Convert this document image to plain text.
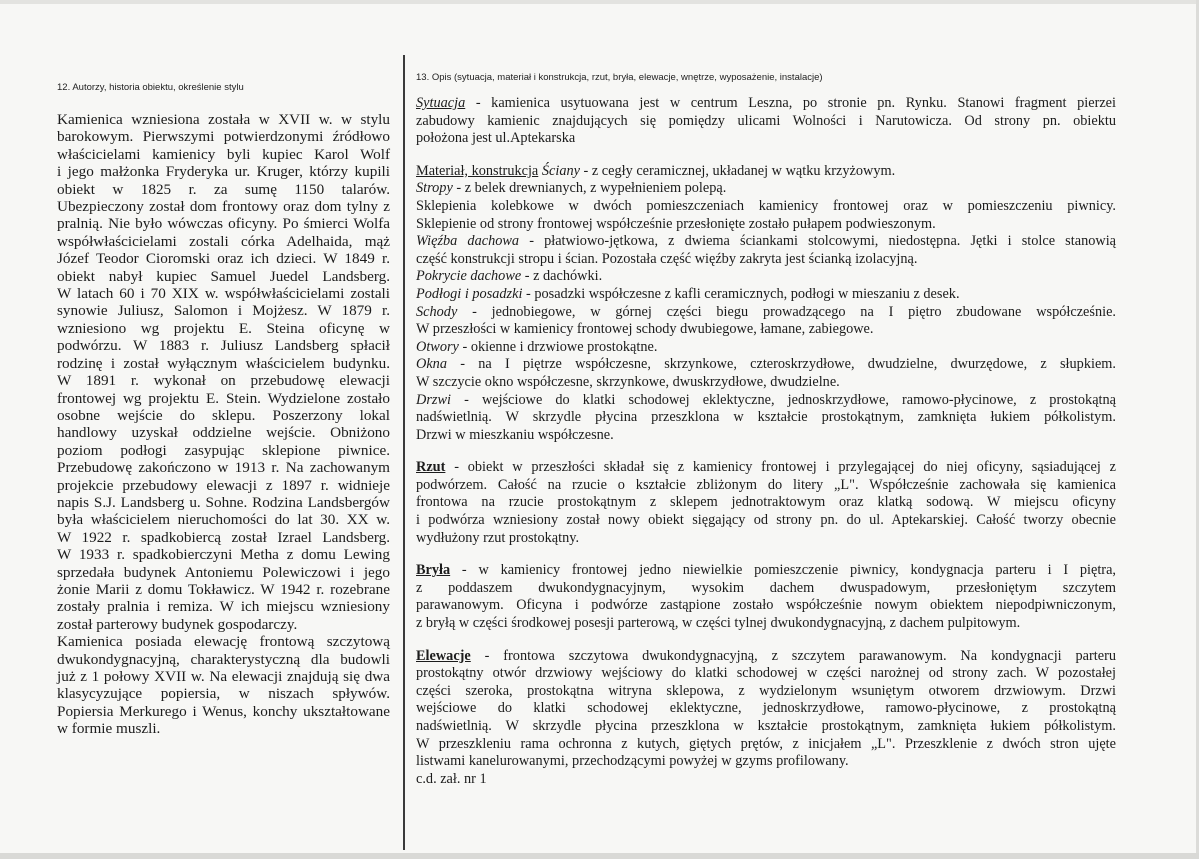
12. Autorzy, historia obiektu, określenie stylu

Kamienica wzniesiona została w XVII w. w stylu
barokowym. Pierwszymi potwierdzonymi źródłowo
właścicielami kamienicy byli kupiec Karol Wolf
i jego małżonka Fryderyka ur. Kruger, którzy kupili
obiekt w 1825 r. za sumę 1150 talarów.
Ubezpieczony został dom frontowy oraz dom tylny z
pralnią. Nie było wówczas oficyny. Po śmierci Wolfa
współwłaścicielami zostali córka Adelhaida, mąż
Józef Teodor Cioromski oraz ich dzieci. W 1849 r.
obiekt nabył kupiec Samuel Juedel Landsberg.
W latach 60 i 70 XIX w. współwłaścicielami zostali
synowie Juliusz, Salomon i Mojżesz. W 1879 r.
wzniesiono wg projektu E. Steina oficynę w
podwórzu. W 1883 r. Juliusz Landsberg spłacił
rodzinę i został wyłącznym właścicielem budynku.
W 1891 r. wykonał on przebudowę elewacji
frontowej wg projektu E. Stein. Wydzielone zostało
osobne wejście do sklepu. Poszerzony lokal
handlowy uzyskał oddzielne wejście. Obniżono
poziom podłogi zasypując sklepione piwnice.
Przebudowę zakończono w 1913 r. Na zachowanym
projekcie przebudowy elewacji z 1897 r. widnieje
napis S.J. Landsberg u. Sohne. Rodzina Landsbergów
była właścicielem nieruchomości do lat 30. XX w.
W 1922 r. spadkobiercą został Izrael Landsberg.
W 1933 r. spadkobierczyni Metha z domu Lewing
sprzedała budynek Antoniemu Polewiczowi i jego
żonie Marii z domu Tokławicz. W 1942 r. rozebrane
zostały pralnia i remiza. W ich miejscu wzniesiony
został parterowy budynek gospodarczy.
Kamienica posiada elewację frontową szczytową
dwukondygnacyjną, charakterystyczną dla budowli
już z 1 połowy XVII w. Na elewacji znajdują się dwa
klasycyzujące popiersia, w niszach spływów.
Popiersia Merkurego i Wenus, konchy ukształtowane
w formie muszli.

13. Opis (sytuacja, materiał i konstrukcja, rzut, bryła, elewacje, wnętrze, wyposażenie, instalacje)

Sytuacja - kamienica usytuowana jest w centrum Leszna, po stronie pn. Rynku. Stanowi fragment pierzei
zabudowy kamienic znajdujących się pomiędzy ulicami Wolności i Narutowicza. Od strony pn. obiektu
położona jest ul.Aptekarska
Materiał, konstrukcja Ściany - z cegły ceramicznej, układanej w wątku krzyżowym.
Stropy - z belek drewnianych, z wypełnieniem polepą.
Sklepienia kolebkowe w dwóch pomieszczeniach kamienicy frontowej oraz w pomieszczeniu piwnicy.
Sklepienie od strony frontowej współcześnie przesłonięte zostało pułapem podwieszonym.
Więźba dachowa - płatwiowo-jętkowa, z dwiema ściankami stolcowymi, niedostępna. Jętki i stolce stanowią
część konstrukcji stropu i ścian. Pozostała część więźby zakryta jest ścianką izolacyjną.
Pokrycie dachowe - z dachówki.
Podłogi i posadzki - posadzki współczesne z kafli ceramicznych, podłogi w mieszaniu z desek.
Schody - jednobiegowe, w górnej części biegu prowadzącego na I piętro zbudowane współcześnie.
W przeszłości w kamienicy frontowej schody dwubiegowe, łamane, zabiegowe.
Otwory - okienne i drzwiowe prostokątne.
Okna - na I piętrze współczesne, skrzynkowe, czteroskrzydłowe, dwudzielne, dwurzędowe, z słupkiem.
W szczycie okno współczesne, skrzynkowe, dwuskrzydłowe, dwudzielne.
Drzwi - wejściowe do klatki schodowej eklektyczne, jednoskrzydłowe, ramowo-płycinowe, z prostokątną
nadświetlnią. W skrzydle płycina przeszklona w kształcie prostokątnym, zamknięta łukiem półkolistym.
Drzwi w mieszkaniu współczesne.
Rzut - obiekt w przeszłości składał się z kamienicy frontowej i przylegającej do niej oficyny, sąsiadującej z
podwórzem. Całość na rzucie o kształcie zbliżonym do litery „L". Współcześnie zachowała się kamienica
frontowa na rzucie prostokątnym z sklepem jednotraktowym oraz klatką sodową. W miejscu oficyny
i podwórza wzniesiony został nowy obiekt sięgający od strony pn. do ul. Aptekarskiej. Całość tworzy obecnie
wydłużony rzut prostokątny.
Bryła - w kamienicy frontowej jedno niewielkie pomieszczenie piwnicy, kondygnacja parteru i I piętra,
z poddaszem dwukondygnacyjnym, wysokim dachem dwuspadowym, przesłoniętym szczytem
parawanowym. Oficyna i podwórze zastąpione zostało współcześnie nowym obiektem niepodpiwniczonym,
z bryłą w części środkowej posesji parterową, w części tylnej dwukondygnacyjną, z dachem pulpitowym.
Elewacje - frontowa szczytowa dwukondygnacyjną, z szczytem parawanowym. Na kondygnacji parteru
prostokątny otwór drzwiowy wejściowy do klatki schodowej w części narożnej od strony zach. W pozostałej
części szeroka, prostokątna witryna sklepowa, z wydzielonym wsuniętym otworem drzwiowym. Drzwi
wejściowe do klatki schodowej eklektyczne, jednoskrzydłowe, ramowo-płycinowe, z prostokątną
nadświetlnią. W skrzydle płycina przeszklona w kształcie prostokątnym, zamknięta łukiem półkolistym.
W przeszkleniu rama ochronna z kutych, giętych prętów, z inicjałem „L". Przeszklenie z dwóch stron ujęte
listwami kanelurowanymi, przechodzącymi powyżej w gzyms profilowany.
c.d. zał. nr 1
